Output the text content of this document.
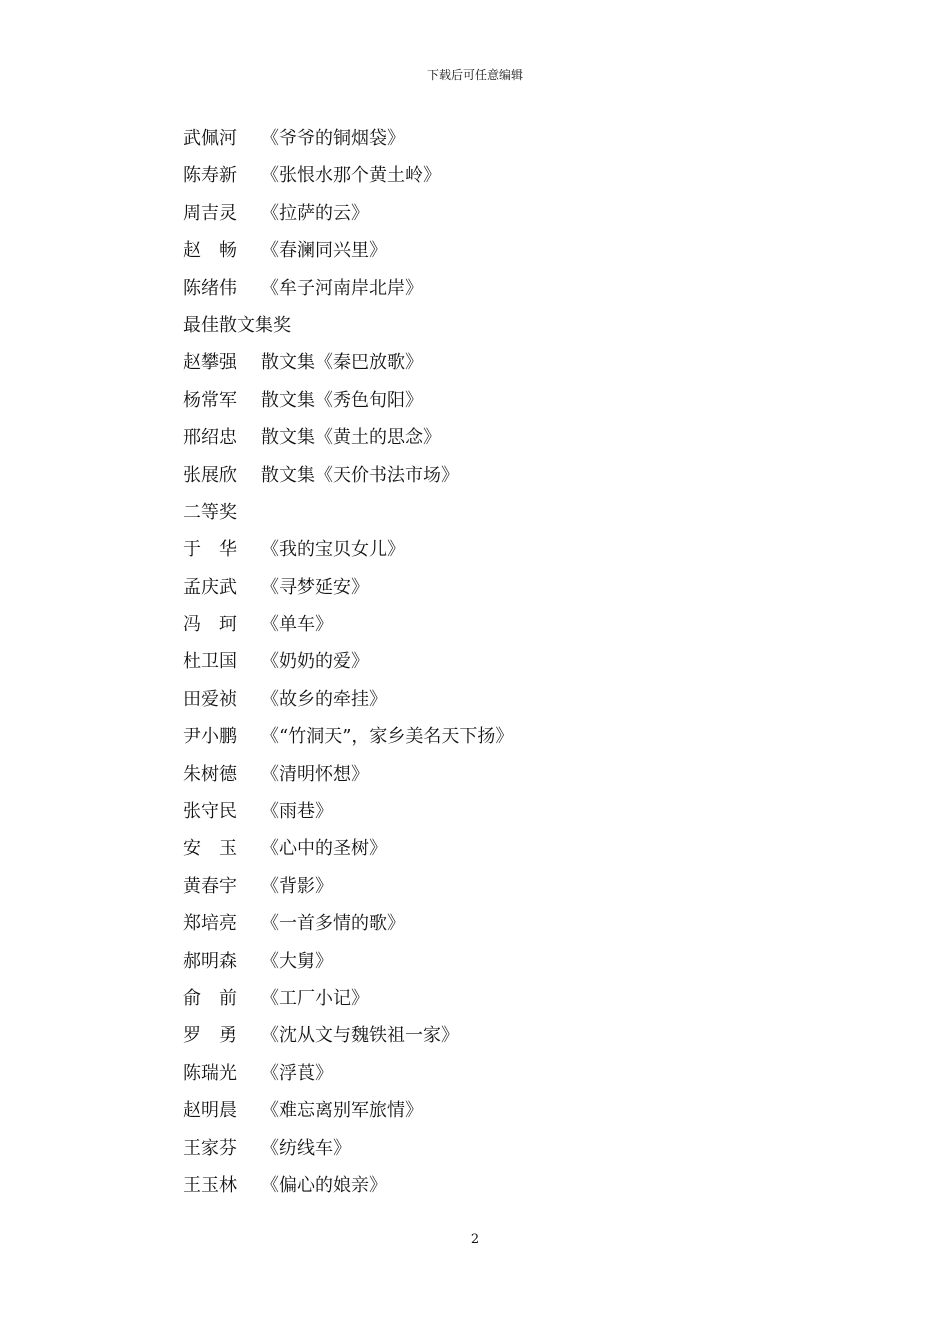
下载后可任意编辑
武佩河 《爷爷的铜烟袋》
陈寿新 《张恨水那个黄土岭》
周吉灵 《拉萨的云》
赵　畅 《春澜同兴里》
陈绪伟 《牟子河南岸北岸》
最佳散文集奖
赵攀强 散文集《秦巴放歌》
杨常军 散文集《秀色旬阳》
邢绍忠 散文集《黄土的思念》
张展欣 散文集《天价书法市场》
二等奖
于　华 《我的宝贝女儿》
孟庆武 《寻梦延安》
冯　珂 《单车》
杜卫国 《奶奶的爱》
田爱祯 《故乡的牵挂》
尹小鹏 《“竹洞天”，家乡美名天下扬》
朱树德 《清明怀想》
张守民 《雨巷》
安　玉 《心中的圣树》
黄春宇 《背影》
郑培亮 《一首多情的歌》
郝明森 《大舅》
俞　前 《工厂小记》
罗　勇 《沈从文与魏铁祖一家》
陈瑞光 《浮莨》
赵明晨 《难忘离别军旅情》
王家芬 《纺线车》
王玉林 《偏心的娘亲》
2
